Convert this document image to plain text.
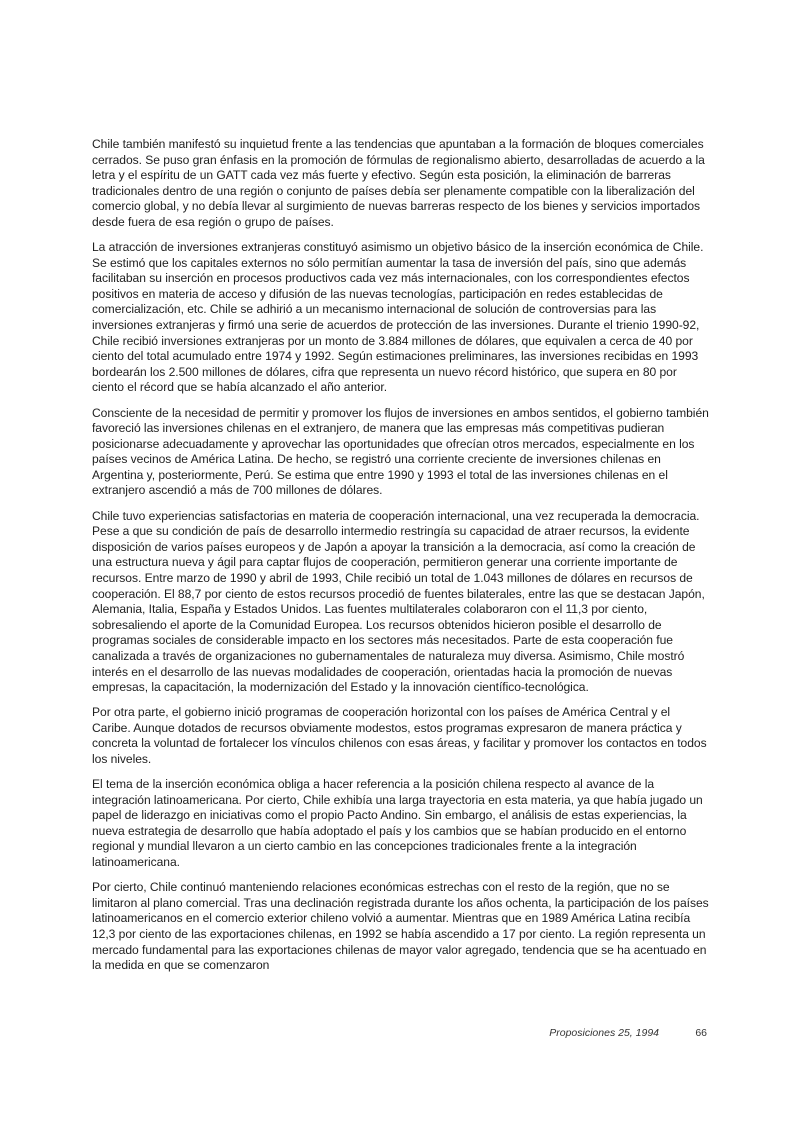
Chile también manifestó su inquietud frente a las tendencias que apuntaban a la formación de bloques comerciales cerrados. Se puso gran énfasis en la promoción de fórmulas de regionalismo abierto, desarrolladas de acuerdo a la letra y el espíritu de un GATT cada vez más fuerte y efectivo. Según esta posición, la eliminación de barreras tradicionales dentro de una región o conjunto de países debía ser plenamente compatible con la liberalización del comercio global, y no debía llevar al surgimiento de nuevas barreras respecto de los bienes y servicios importados desde fuera de esa región o grupo de países.

La atracción de inversiones extranjeras constituyó asimismo un objetivo básico de la inserción económica de Chile. Se estimó que los capitales externos no sólo permitían aumentar la tasa de inversión del país, sino que además facilitaban su inserción en procesos productivos cada vez más internacionales, con los correspondientes efectos positivos en materia de acceso y difusión de las nuevas tecnologías, participación en redes establecidas de comercialización, etc. Chile se adhirió a un mecanismo internacional de solución de controversias para las inversiones extranjeras y firmó una serie de acuerdos de protección de las inversiones. Durante el trienio 1990-92, Chile recibió inversiones extranjeras por un monto de 3.884 millones de dólares, que equivalen a cerca de 40 por ciento del total acumulado entre 1974 y 1992. Según estimaciones preliminares, las inversiones recibidas en 1993 bordearán los 2.500 millones de dólares, cifra que representa un nuevo récord histórico, que supera en 80 por ciento el récord que se había alcanzado el año anterior.

Consciente de la necesidad de permitir y promover los flujos de inversiones en ambos sentidos, el gobierno también favoreció las inversiones chilenas en el extranjero, de manera que las empresas más competitivas pudieran posicionarse adecuadamente y aprovechar las oportunidades que ofrecían otros mercados, especialmente en los países vecinos de América Latina. De hecho, se registró una corriente creciente de inversiones chilenas en Argentina y, posteriormente, Perú. Se estima que entre 1990 y 1993 el total de las inversiones chilenas en el extranjero ascendió a más de 700 millones de dólares.

Chile tuvo experiencias satisfactorias en materia de cooperación internacional, una vez recuperada la democracia. Pese a que su condición de país de desarrollo intermedio restringía su capacidad de atraer recursos, la evidente disposición de varios países europeos y de Japón a apoyar la transición a la democracia, así como la creación de una estructura nueva y ágil para captar flujos de cooperación, permitieron generar una corriente importante de recursos. Entre marzo de 1990 y abril de 1993, Chile recibió un total de 1.043 millones de dólares en recursos de cooperación. El 88,7 por ciento de estos recursos procedió de fuentes bilaterales, entre las que se destacan Japón, Alemania, Italia, España y Estados Unidos. Las fuentes multilaterales colaboraron con el 11,3 por ciento, sobresaliendo el aporte de la Comunidad Europea. Los recursos obtenidos hicieron posible el desarrollo de programas sociales de considerable impacto en los sectores más necesitados. Parte de esta cooperación fue canalizada a través de organizaciones no gubernamentales de naturaleza muy diversa. Asimismo, Chile mostró interés en el desarrollo de las nuevas modalidades de cooperación, orientadas hacia la promoción de nuevas empresas, la capacitación, la modernización del Estado y la innovación científico-tecnológica.

Por otra parte, el gobierno inició programas de cooperación horizontal con los países de América Central y el Caribe. Aunque dotados de recursos obviamente modestos, estos programas expresaron de manera práctica y concreta la voluntad de fortalecer los vínculos chilenos con esas áreas, y facilitar y promover los contactos en todos los niveles.

El tema de la inserción económica obliga a hacer referencia a la posición chilena respecto al avance de la integración latinoamericana. Por cierto, Chile exhibía una larga trayectoria en esta materia, ya que había jugado un papel de liderazgo en iniciativas como el propio Pacto Andino. Sin embargo, el análisis de estas experiencias, la nueva estrategia de desarrollo que había adoptado el país y los cambios que se habían producido en el entorno regional y mundial llevaron a un cierto cambio en las concepciones tradicionales frente a la integración latinoamericana.

Por cierto, Chile continuó manteniendo relaciones económicas estrechas con el resto de la región, que no se limitaron al plano comercial. Tras una declinación registrada durante los años ochenta, la participación de los países latinoamericanos en el comercio exterior chileno volvió a aumentar. Mientras que en 1989 América Latina recibía 12,3 por ciento de las exportaciones chilenas, en 1992 se había ascendido a 17 por ciento. La región representa un mercado fundamental para las exportaciones chilenas de mayor valor agregado, tendencia que se ha acentuado en la medida en que se comenzaron

Proposiciones 25, 1994	66
